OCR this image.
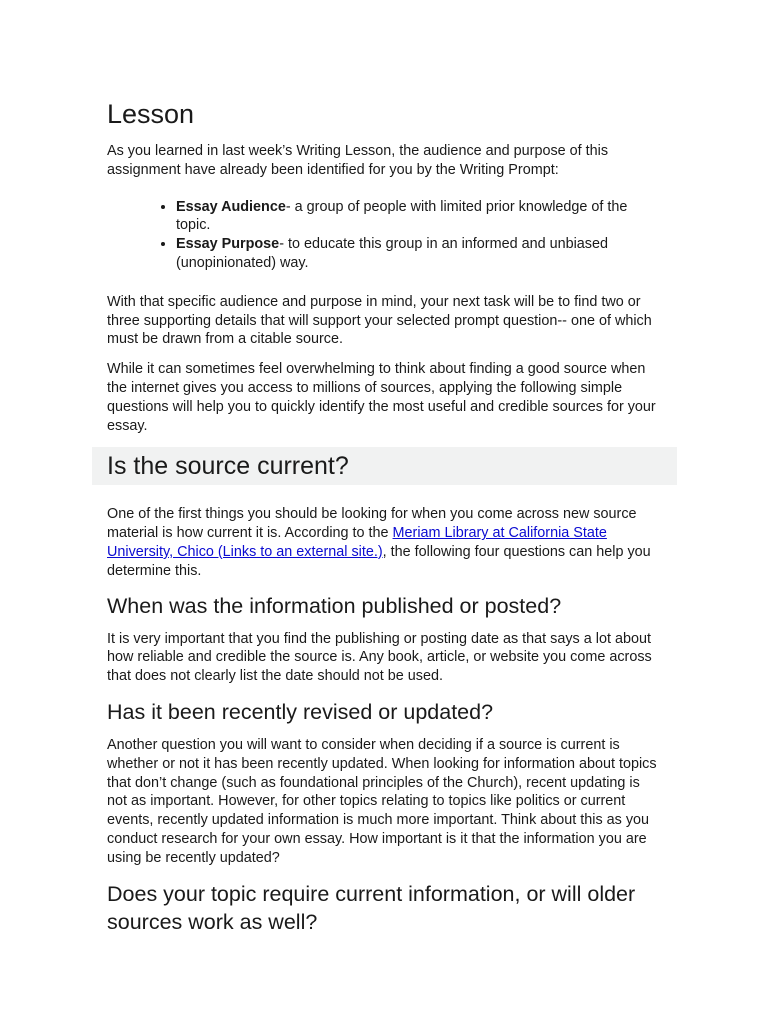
Lesson

As you learned in last week’s Writing Lesson, the audience and purpose of this assignment have already been identified for you by the Writing Prompt:

• Essay Audience- a group of people with limited prior knowledge of the topic.
• Essay Purpose- to educate this group in an informed and unbiased (unopinionated) way.

With that specific audience and purpose in mind, your next task will be to find two or three supporting details that will support your selected prompt question-- one of which must be drawn from a citable source.

While it can sometimes feel overwhelming to think about finding a good source when the internet gives you access to millions of sources, applying the following simple questions will help you to quickly identify the most useful and credible sources for your essay.

Is the source current?

One of the first things you should be looking for when you come across new source material is how current it is. According to the Meriam Library at California State University, Chico (Links to an external site.), the following four questions can help you determine this.

When was the information published or posted?

It is very important that you find the publishing or posting date as that says a lot about how reliable and credible the source is. Any book, article, or website you come across that does not clearly list the date should not be used.

Has it been recently revised or updated?

Another question you will want to consider when deciding if a source is current is whether or not it has been recently updated. When looking for information about topics that don’t change (such as foundational principles of the Church), recent updating is not as important. However, for other topics relating to topics like politics or current events, recently updated information is much more important. Think about this as you conduct research for your own essay. How important is it that the information you are using be recently updated?

Does your topic require current information, or will older sources work as well?
